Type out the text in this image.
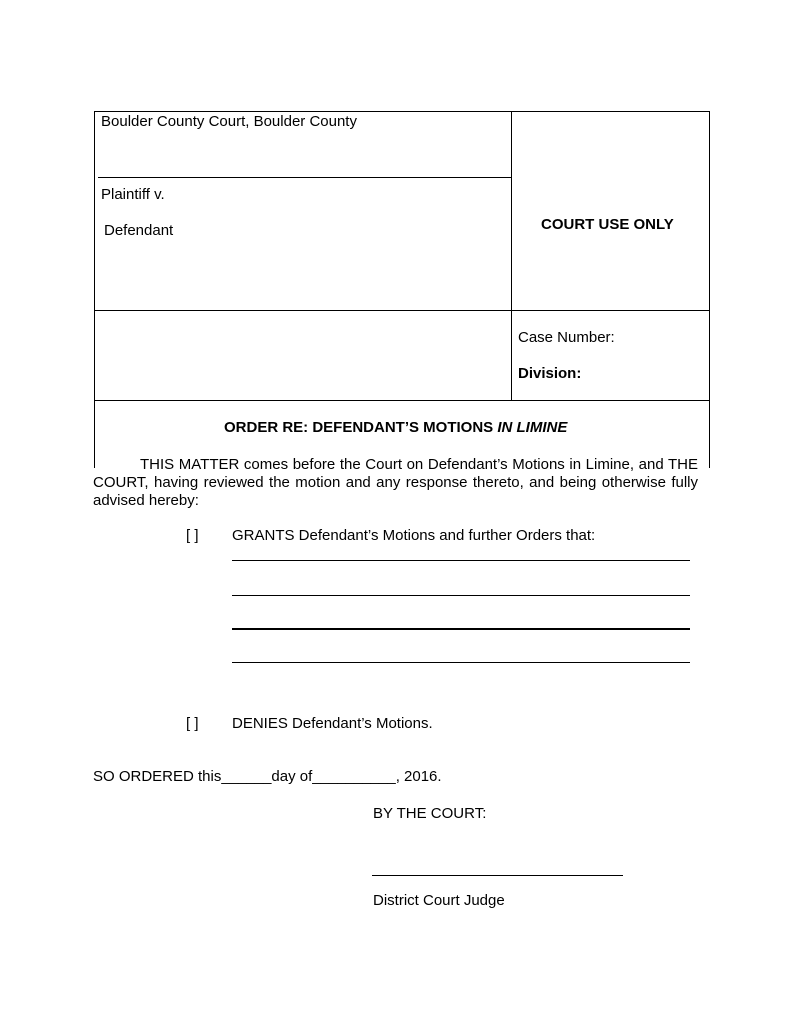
Boulder County Court, Boulder County
Plaintiff v.
Defendant	COURT USE ONLY
Case Number:
Division:
ORDER RE: DEFENDANT’S MOTIONS IN LIMINE
THIS MATTER comes before the Court on Defendant’s Motions in Limine, and THE COURT, having reviewed the motion and any response thereto, and being otherwise fully advised hereby:
[ ] GRANTS Defendant’s Motions and further Orders that:
[ ] DENIES Defendant’s Motions.
SO ORDERED this______day of__________, 2016.
BY THE COURT:
District Court Judge
